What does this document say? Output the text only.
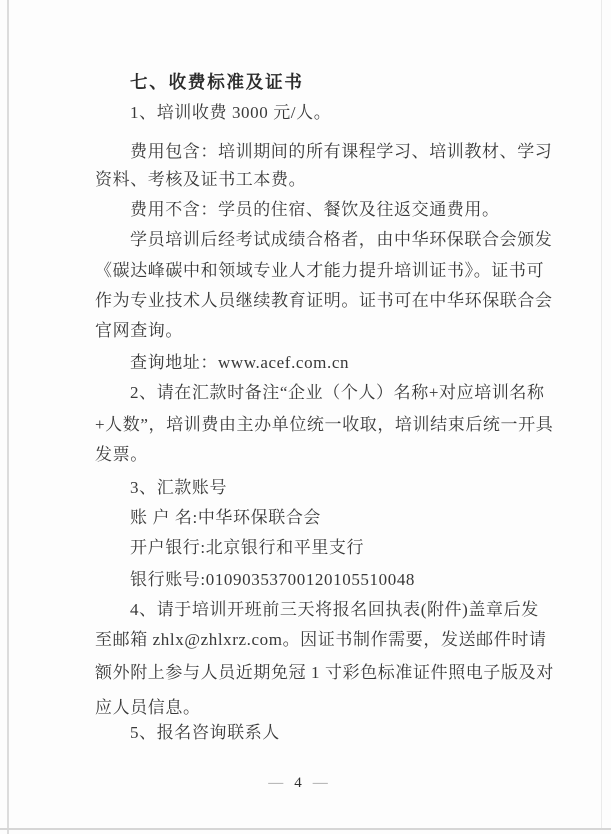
七、收费标准及证书
1、培训收费 3000 元/人。
费用包含：培训期间的所有课程学习、培训教材、学习
资料、考核及证书工本费。
费用不含：学员的住宿、餐饮及往返交通费用。
学员培训后经考试成绩合格者，由中华环保联合会颁发
《碳达峰碳中和领域专业人才能力提升培训证书》。证书可
作为专业技术人员继续教育证明。证书可在中华环保联合会
官网查询。
查询地址：www.acef.com.cn
2、请在汇款时备注“企业（个人）名称+对应培训名称
+人数”，培训费由主办单位统一收取，培训结束后统一开具
发票。
3、汇款账号
账 户 名:中华环保联合会
开户银行:北京银行和平里支行
银行账号:01090353700120105510048
4、请于培训开班前三天将报名回执表(附件)盖章后发
至邮箱 zhlx@zhlxrz.com。因证书制作需要，发送邮件时请
额外附上参与人员近期免冠 1 寸彩色标准证件照电子版及对
应人员信息。
5、报名咨询联系人
— 4 —
